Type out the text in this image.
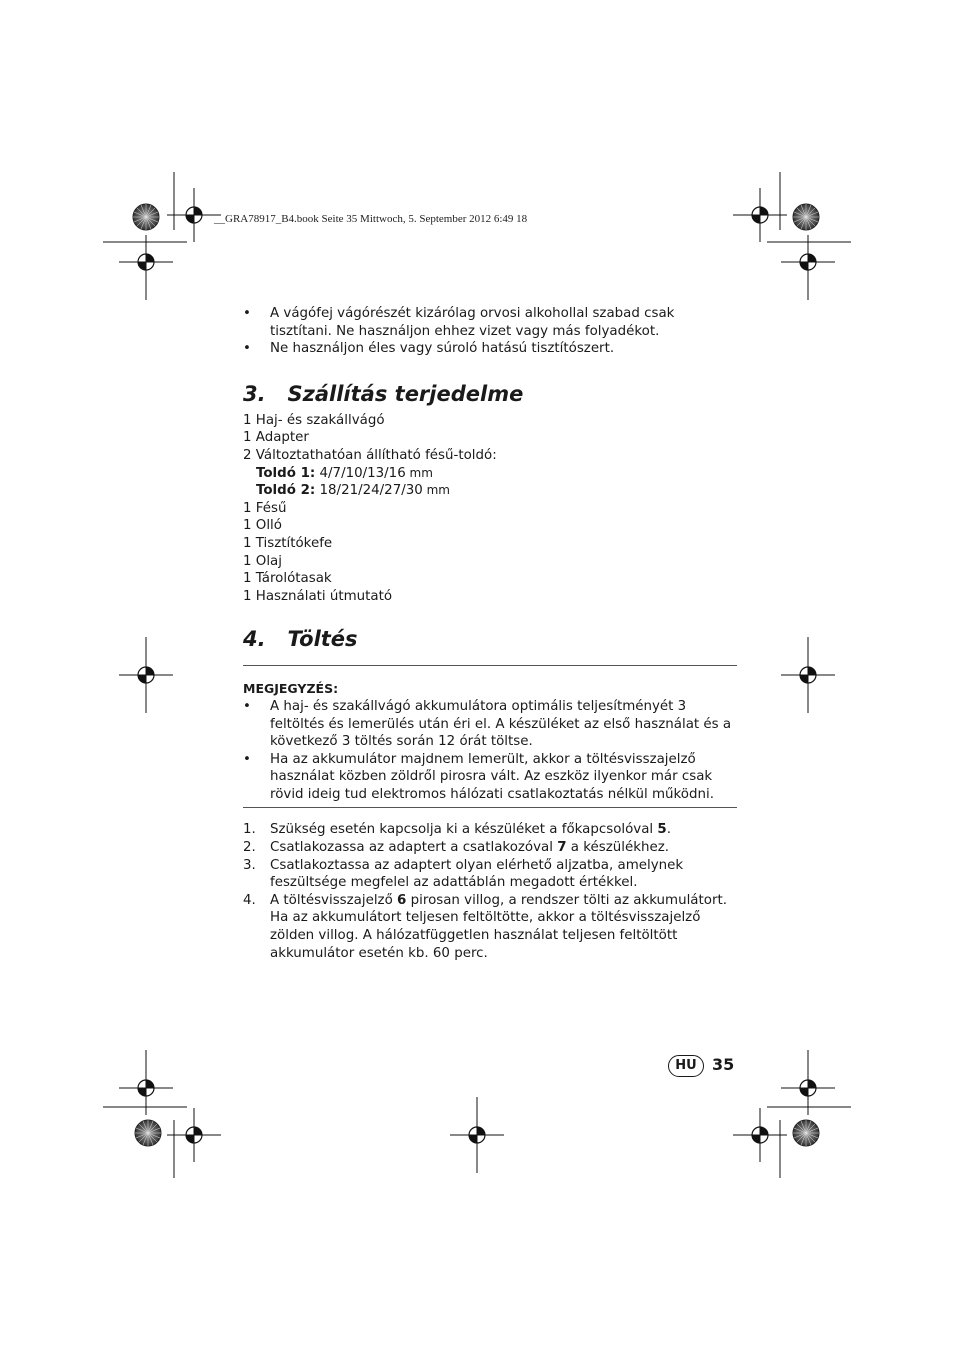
__GRA78917_B4.book Seite 35 Mittwoch, 5. September 2012 6:49 18
• A vágófej vágórészét kizárólag orvosi alkohollal szabad csak tisztítani. Ne használjon ehhez vizet vagy más folyadékot.
• Ne használjon éles vagy súroló hatású tisztítószert.
3.   Szállítás terjedelme
1 Haj- és szakállvágó
1 Adapter
2 Változtathatóan állítható fésű-toldó:
Toldó 1: 4/7/10/13/16 mm
Toldó 2: 18/21/24/27/30 mm
1 Fésű
1 Olló
1 Tisztítókefe
1 Olaj
1 Tárolótasak
1 Használati útmutató
4.   Töltés
MEGJEGYZÉS:
• A haj- és szakállvágó akkumulátora optimális teljesítményét 3 feltöltés és lemerülés után éri el. A készüléket az első használat és a következő 3 töltés során 12 órát töltse.
• Ha az akkumulátor majdnem lemerült, akkor a töltésvisszajelző használat közben zöldről pirosra vált. Az eszköz ilyenkor már csak rövid ideig tud elektromos hálózati csatlakoztatás nélkül működni.
1. Szükség esetén kapcsolja ki a készüléket a főkapcsolóval 5.
2. Csatlakozassa az adaptert a csatlakozóval 7 a készülékhez.
3. Csatlakoztassa az adaptert olyan elérhető aljzatba, amelynek feszültsége megfelel az adattáblán megadott értékkel.
4. A töltésvisszajelző 6 pirosan villog, a rendszer tölti az akkumulátort. Ha az akkumulátort teljesen feltöltötte, akkor a töltésvisszajelző zölden villog. A hálózatfüggetlen használat teljesen feltöltött akkumulátor esetén kb. 60 perc.
HU 35
